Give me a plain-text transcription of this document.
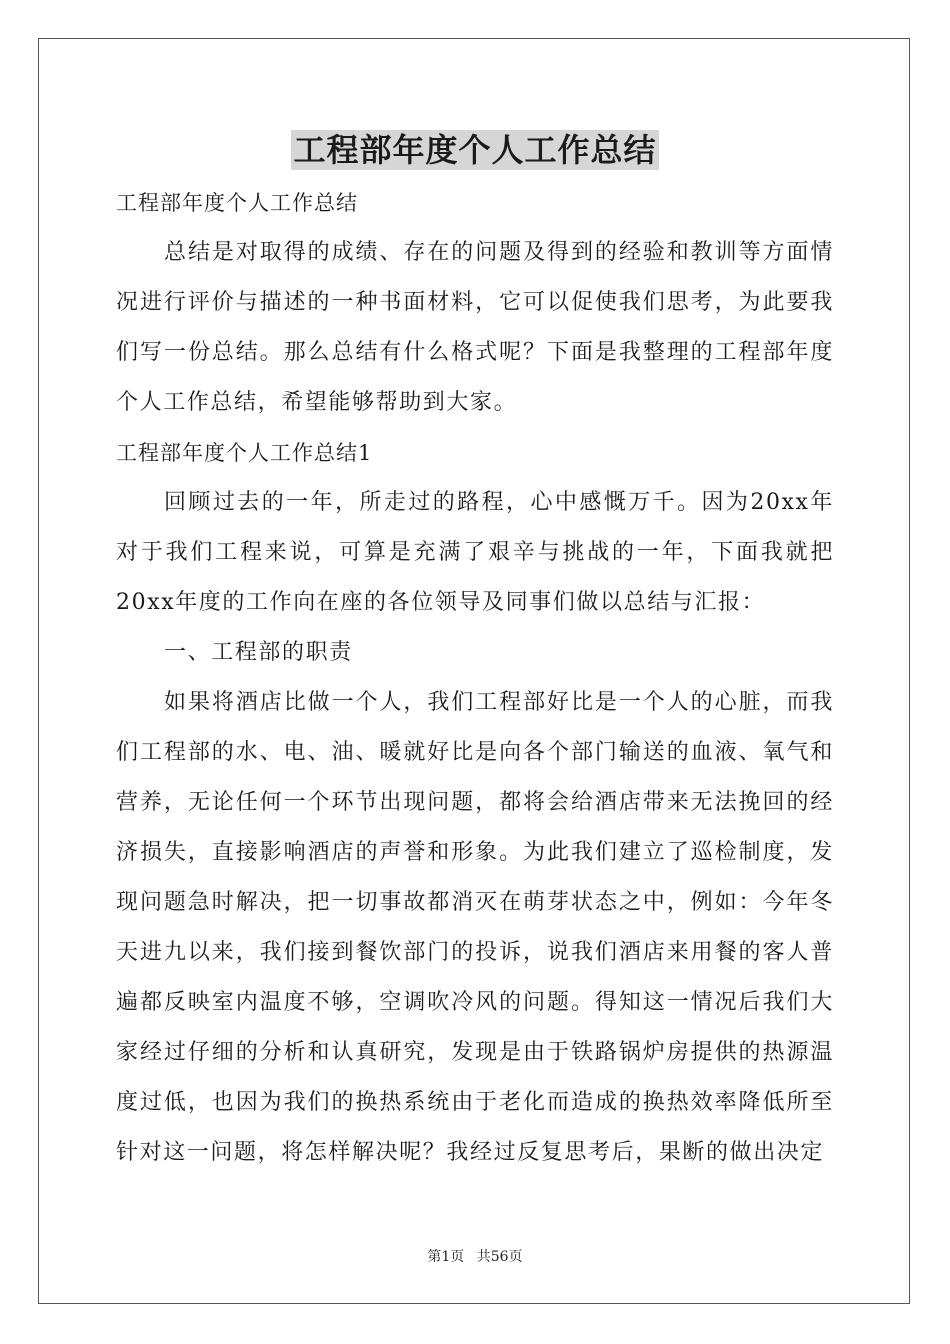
工程部年度个人工作总结

工程部年度个人工作总结

总结是对取得的成绩、存在的问题及得到的经验和教训等方面情况进行评价与描述的一种书面材料，它可以促使我们思考，为此要我们写一份总结。那么总结有什么格式呢？下面是我整理的工程部年度个人工作总结，希望能够帮助到大家。

工程部年度个人工作总结1

回顾过去的一年，所走过的路程，心中感慨万千。因为20xx年对于我们工程来说，可算是充满了艰辛与挑战的一年，下面我就把20xx年度的工作向在座的各位领导及同事们做以总结与汇报：

一、工程部的职责

如果将酒店比做一个人，我们工程部好比是一个人的心脏，而我们工程部的水、电、油、暖就好比是向各个部门输送的血液、氧气和营养，无论任何一个环节出现问题，都将会给酒店带来无法挽回的经济损失，直接影响酒店的声誉和形象。为此我们建立了巡检制度，发现问题急时解决，把一切事故都消灭在萌芽状态之中，例如：今年冬天进九以来，我们接到餐饮部门的投诉，说我们酒店来用餐的客人普遍都反映室内温度不够，空调吹冷风的问题。得知这一情况后我们大家经过仔细的分析和认真研究，发现是由于铁路锅炉房提供的热源温度过低，也因为我们的换热系统由于老化而造成的换热效率降低所至针对这一问题，将怎样解决呢？我经过反复思考后，果断的做出决定

第1页 共56页
